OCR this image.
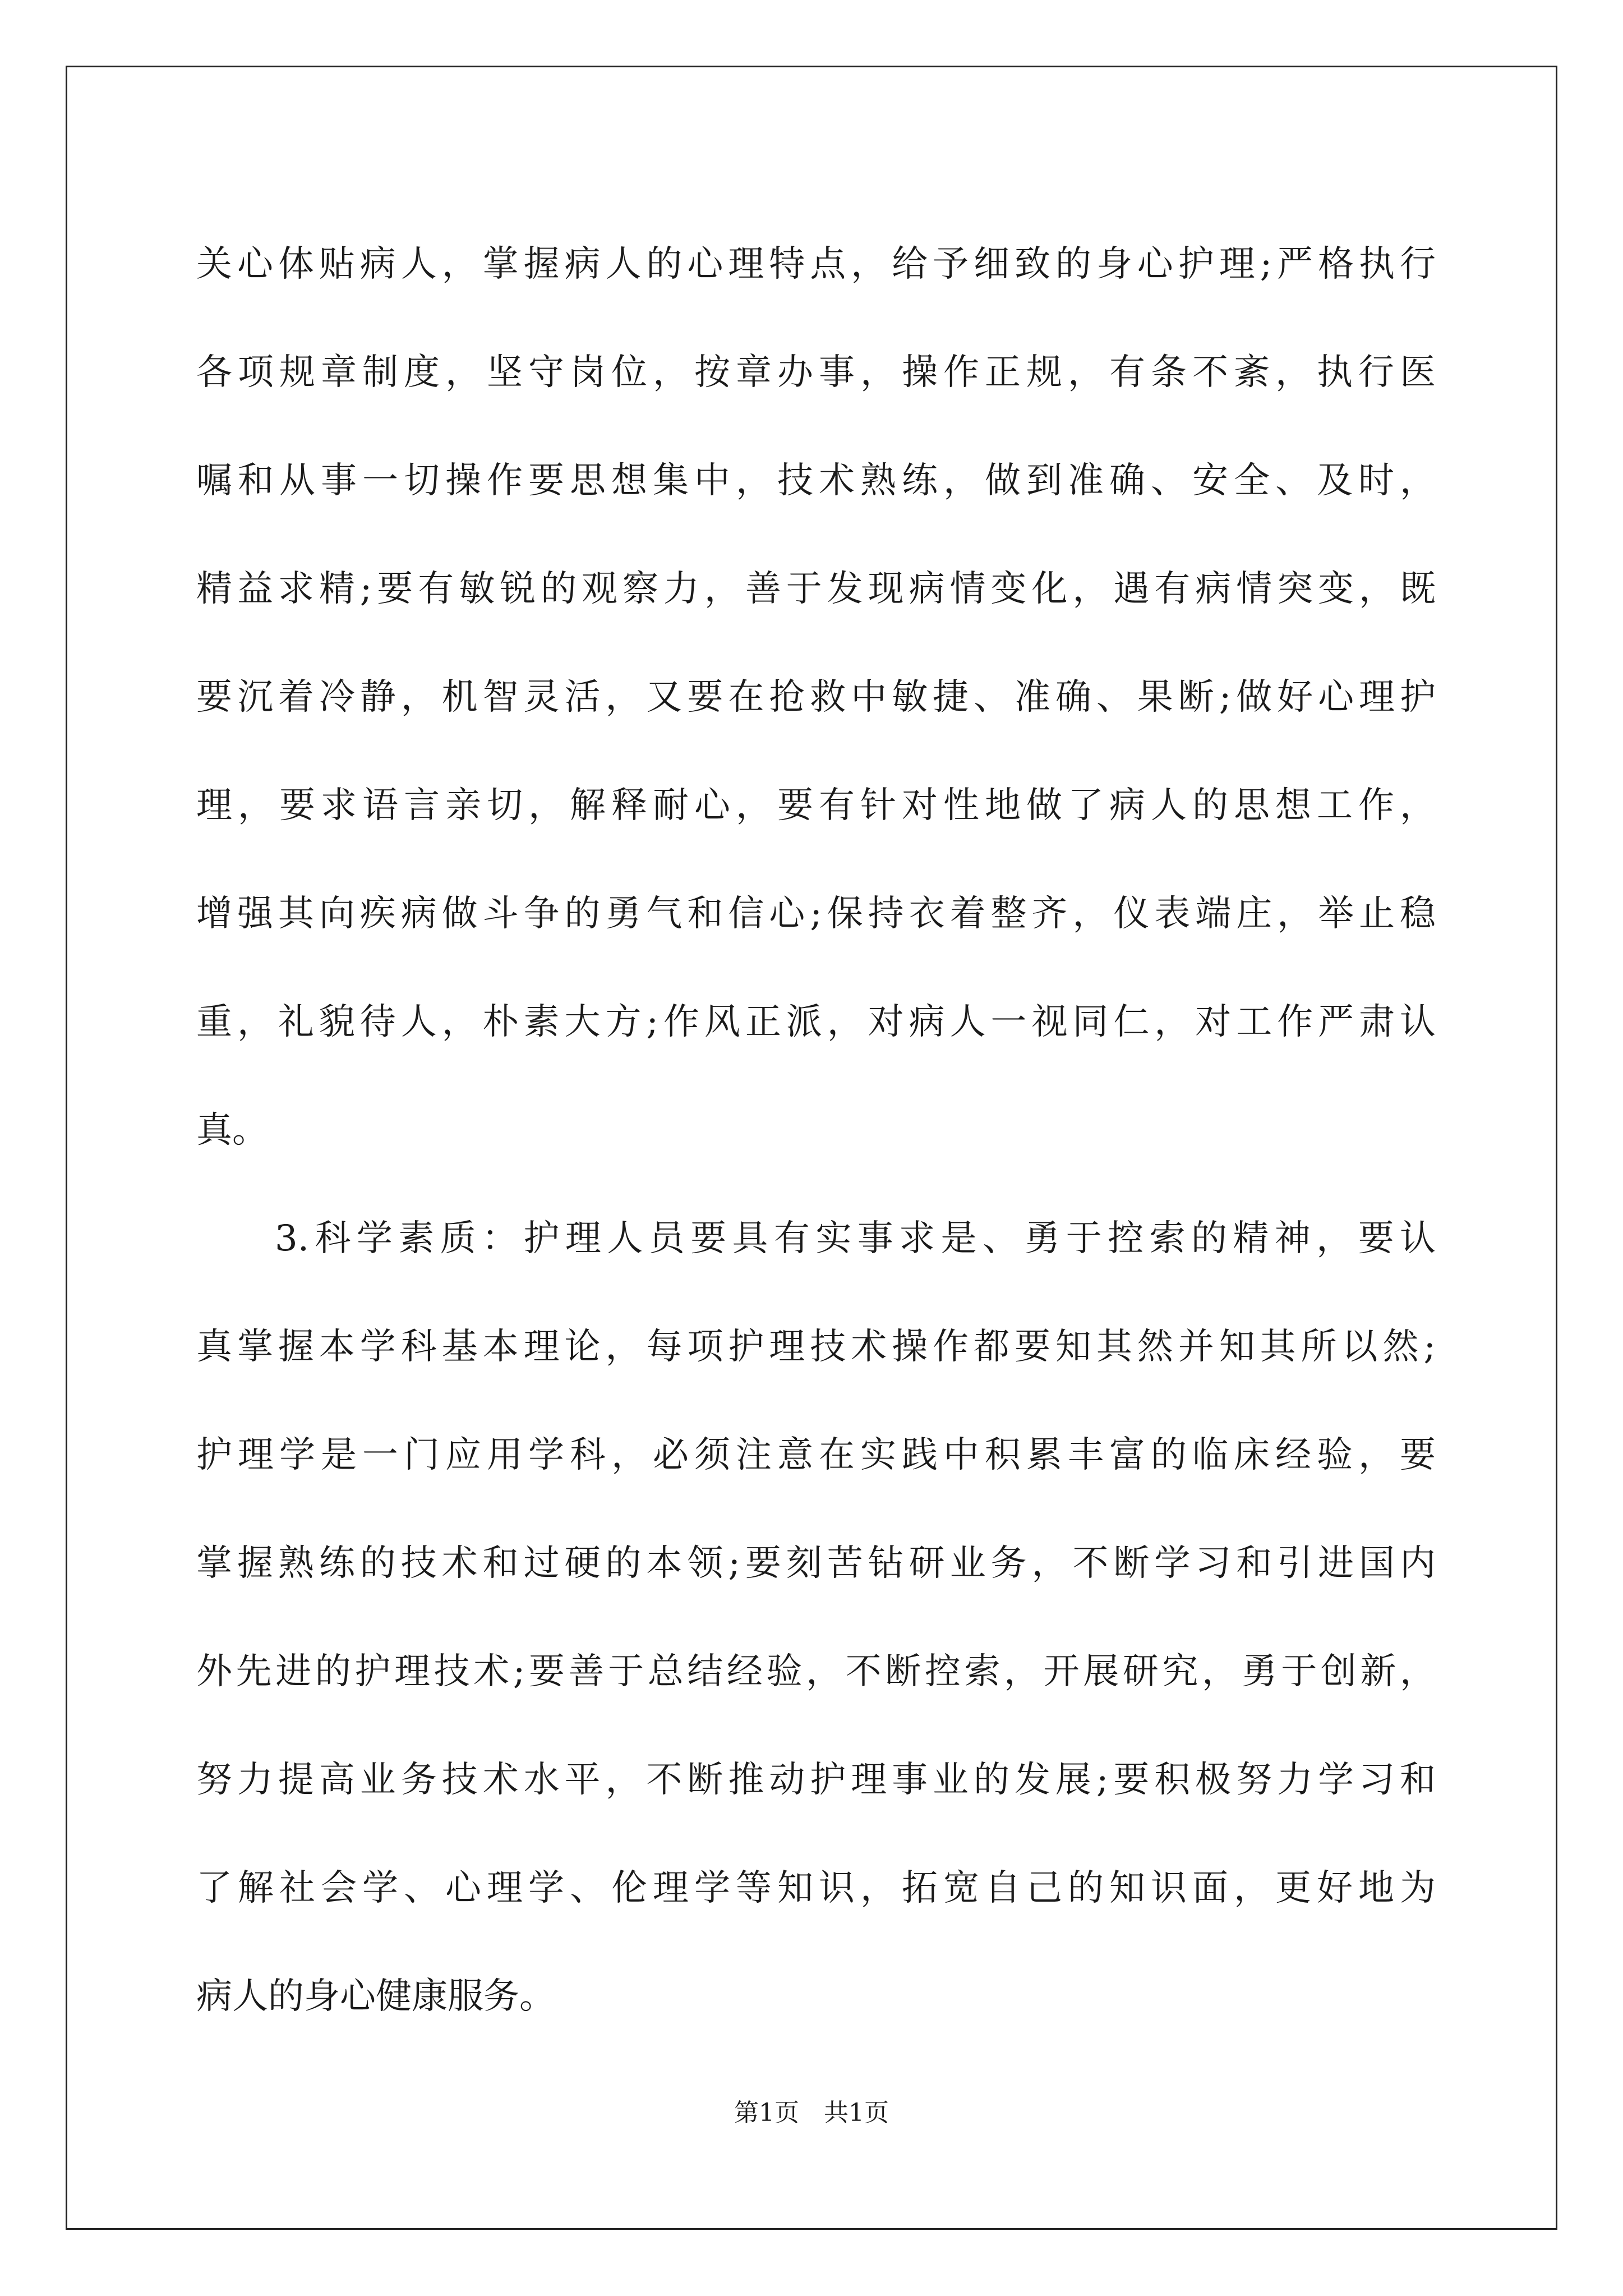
关心体贴病人，掌握病人的心理特点，给予细致的身心护理;严格执行
各项规章制度，坚守岗位，按章办事，操作正规，有条不紊，执行医
嘱和从事一切操作要思想集中，技术熟练，做到准确、安全、及时，
精益求精;要有敏锐的观察力，善于发现病情变化，遇有病情突变，既
要沉着冷静，机智灵活，又要在抢救中敏捷、准确、果断;做好心理护
理，要求语言亲切，解释耐心，要有针对性地做了病人的思想工作，
增强其向疾病做斗争的勇气和信心;保持衣着整齐，仪表端庄，举止稳
重，礼貌待人，朴素大方;作风正派，对病人一视同仁，对工作严肃认
真。
3.科学素质：护理人员要具有实事求是、勇于控索的精神，要认
真掌握本学科基本理论，每项护理技术操作都要知其然并知其所以然;
护理学是一门应用学科，必须注意在实践中积累丰富的临床经验，要
掌握熟练的技术和过硬的本领;要刻苦钻研业务，不断学习和引进国内
外先进的护理技术;要善于总结经验，不断控索，开展研究，勇于创新，
努力提高业务技术水平，不断推动护理事业的发展;要积极努力学习和
了解社会学、心理学、伦理学等知识，拓宽自己的知识面，更好地为
病人的身心健康服务。
第1页　共1页
